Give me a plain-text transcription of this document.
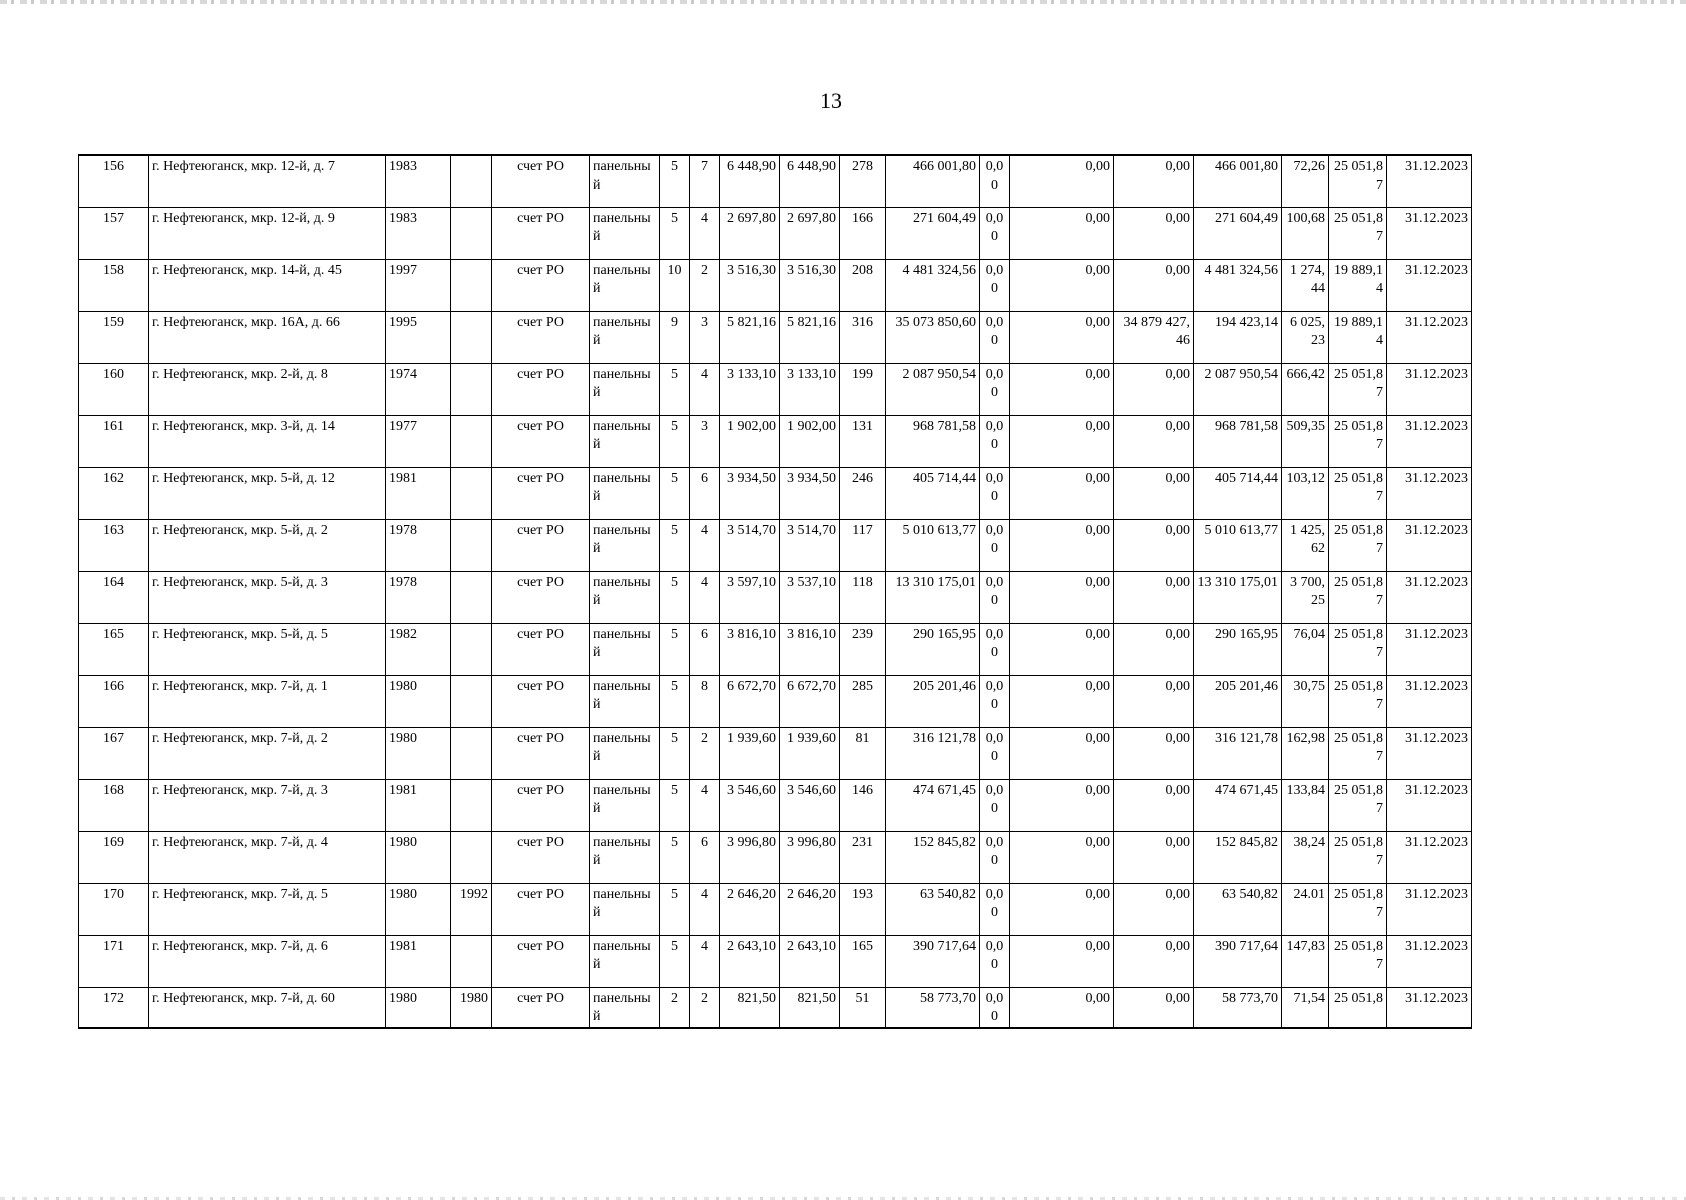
13
156	г. Нефтеюганск, мкр. 12-й, д. 7	1983		счет РО	панельный	5	7	6 448,90	6 448,90	278	466 001,80	0,00	0,00	0,00	466 001,80	72,26	25 051,87	31.12.2023
157	г. Нефтеюганск, мкр. 12-й, д. 9	1983		счет РО	панельный	5	4	2 697,80	2 697,80	166	271 604,49	0,00	0,00	0,00	271 604,49	100,68	25 051,87	31.12.2023
158	г. Нефтеюганск, мкр. 14-й, д. 45	1997		счет РО	панельный	10	2	3 516,30	3 516,30	208	4 481 324,56	0,00	0,00	0,00	4 481 324,56	1 274,44	19 889,14	31.12.2023
159	г. Нефтеюганск, мкр. 16А, д. 66	1995		счет РО	панельный	9	3	5 821,16	5 821,16	316	35 073 850,60	0,00	0,00	34 879 427,46	194 423,14	6 025,23	19 889,14	31.12.2023
160	г. Нефтеюганск, мкр. 2-й, д. 8	1974		счет РО	панельный	5	4	3 133,10	3 133,10	199	2 087 950,54	0,00	0,00	0,00	2 087 950,54	666,42	25 051,87	31.12.2023
161	г. Нефтеюганск, мкр. 3-й, д. 14	1977		счет РО	панельный	5	3	1 902,00	1 902,00	131	968 781,58	0,00	0,00	0,00	968 781,58	509,35	25 051,87	31.12.2023
162	г. Нефтеюганск, мкр. 5-й, д. 12	1981		счет РО	панельный	5	6	3 934,50	3 934,50	246	405 714,44	0,00	0,00	0,00	405 714,44	103,12	25 051,87	31.12.2023
163	г. Нефтеюганск, мкр. 5-й, д. 2	1978		счет РО	панельный	5	4	3 514,70	3 514,70	117	5 010 613,77	0,00	0,00	0,00	5 010 613,77	1 425,62	25 051,87	31.12.2023
164	г. Нефтеюганск, мкр. 5-й, д. 3	1978		счет РО	панельный	5	4	3 597,10	3 537,10	118	13 310 175,01	0,00	0,00	0,00	13 310 175,01	3 700,25	25 051,87	31.12.2023
165	г. Нефтеюганск, мкр. 5-й, д. 5	1982		счет РО	панельный	5	6	3 816,10	3 816,10	239	290 165,95	0,00	0,00	0,00	290 165,95	76,04	25 051,87	31.12.2023
166	г. Нефтеюганск, мкр. 7-й, д. 1	1980		счет РО	панельный	5	8	6 672,70	6 672,70	285	205 201,46	0,00	0,00	0,00	205 201,46	30,75	25 051,87	31.12.2023
167	г. Нефтеюганск, мкр. 7-й, д. 2	1980		счет РО	панельный	5	2	1 939,60	1 939,60	81	316 121,78	0,00	0,00	0,00	316 121,78	162,98	25 051,87	31.12.2023
168	г. Нефтеюганск, мкр. 7-й, д. 3	1981		счет РО	панельный	5	4	3 546,60	3 546,60	146	474 671,45	0,00	0,00	0,00	474 671,45	133,84	25 051,87	31.12.2023
169	г. Нефтеюганск, мкр. 7-й, д. 4	1980		счет РО	панельный	5	6	3 996,80	3 996,80	231	152 845,82	0,00	0,00	0,00	152 845,82	38,24	25 051,87	31.12.2023
170	г. Нефтеюганск, мкр. 7-й, д. 5	1980	1992	счет РО	панельный	5	4	2 646,20	2 646,20	193	63 540,82	0,00	0,00	0,00	63 540,82	24.01	25 051,87	31.12.2023
171	г. Нефтеюганск, мкр. 7-й, д. 6	1981		счет РО	панельный	5	4	2 643,10	2 643,10	165	390 717,64	0,00	0,00	0,00	390 717,64	147,83	25 051,87	31.12.2023
172	г. Нефтеюганск, мкр. 7-й, д. 60	1980	1980	счет РО	панельный	2	2	821,50	821,50	51	58 773,70	0,00	0,00	0,00	58 773,70	71,54	25 051,8	31.12.2023
